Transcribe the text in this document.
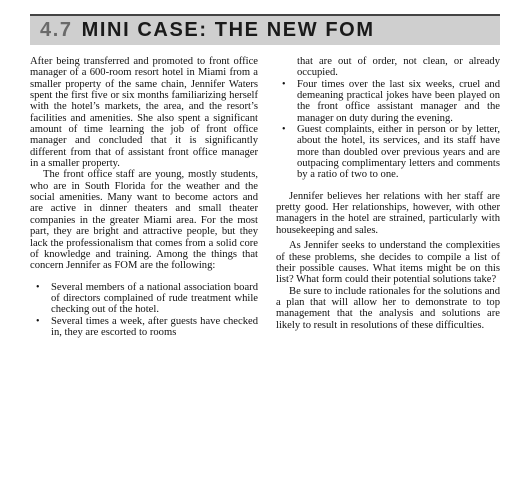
4.7 MINI CASE: THE NEW FOM

After being transferred and promoted to front office manager of a 600-room resort hotel in Miami from a smaller property of the same chain, Jennifer Waters spent the first five or six months familiarizing herself with the hotel’s markets, the area, and the resort’s facilities and amenities. She also spent a significant amount of time learning the job of front office manager and concluded that it is significantly different from that of assistant front office manager in a smaller property.

The front office staff are young, mostly students, who are in South Florida for the weather and the social amenities. Many want to become actors and are active in dinner theaters and small theater companies in the greater Miami area. For the most part, they are bright and attractive people, but they lack the professionalism that comes from a solid core of knowledge and training. Among the things that concern Jennifer as FOM are the following:

• Several members of a national association board of directors complained of rude treatment while checking out of the hotel.
• Several times a week, after guests have checked in, they are escorted to rooms
that are out of order, not clean, or already occupied.
• Four times over the last six weeks, cruel and demeaning practical jokes have been played on the front office assistant manager and the manager on duty during the evening.
• Guest complaints, either in person or by letter, about the hotel, its services, and its staff have more than doubled over previous years and are outpacing complimentary letters and comments by a ratio of two to one.

Jennifer believes her relations with her staff are pretty good. Her relationships, however, with other managers in the hotel are strained, particularly with housekeeping and sales.

As Jennifer seeks to understand the complexities of these problems, she decides to compile a list of their possible causes. What items might be on this list? What form could their potential solutions take?

Be sure to include rationales for the solutions and a plan that will allow her to demonstrate to top management that the analysis and solutions are likely to result in resolutions of these difficulties.
